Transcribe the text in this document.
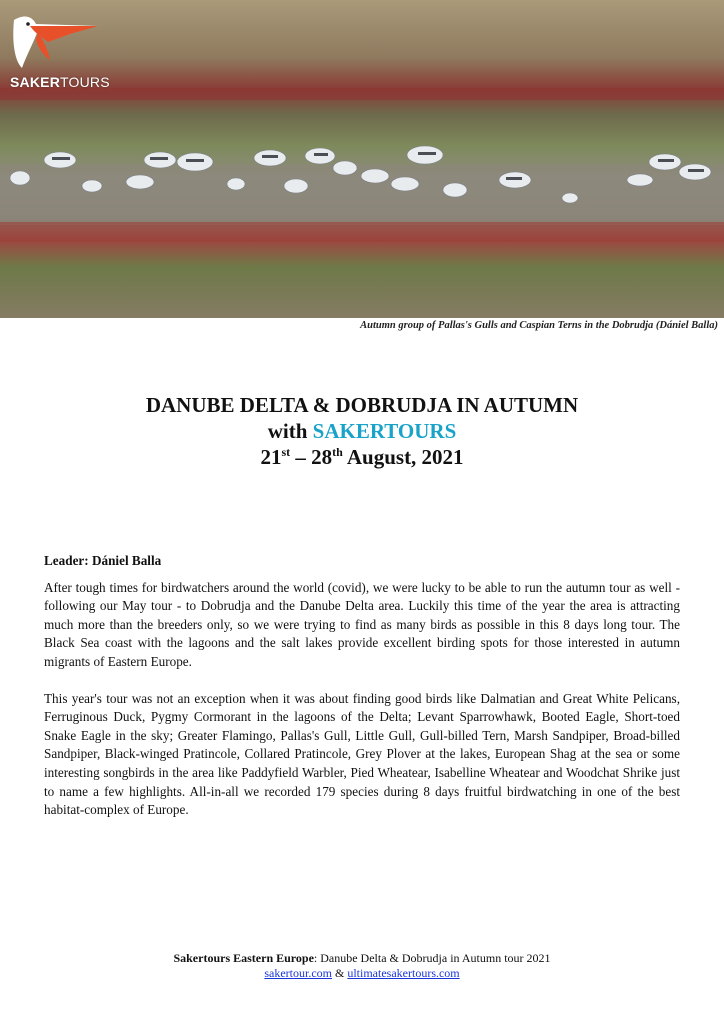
SAKERTOURS
Autumn group of Pallas's Gulls and Caspian Terns in the Dobrudja (Dániel Balla)
DANUBE DELTA & DOBRUDJA IN AUTUMN
with SAKERTOURS
21st – 28th August, 2021

Leader: Dániel Balla

After tough times for birdwatchers around the world (covid), we were lucky to be able to run the autumn tour as well - following our May tour - to Dobrudja and the Danube Delta area. Luckily this time of the year the area is attracting much more than the breeders only, so we were trying to find as many birds as possible in this 8 days long tour. The Black Sea coast with the lagoons and the salt lakes provide excellent birding spots for those interested in autumn migrants of Eastern Europe.

This year's tour was not an exception when it was about finding good birds like Dalmatian and Great White Pelicans, Ferruginous Duck, Pygmy Cormorant in the lagoons of the Delta; Levant Sparrowhawk, Booted Eagle, Short-toed Snake Eagle in the sky; Greater Flamingo, Pallas's Gull, Little Gull, Gull-billed Tern, Marsh Sandpiper, Broad-billed Sandpiper, Black-winged Pratincole, Collared Pratincole, Grey Plover at the lakes, European Shag at the sea or some interesting songbirds in the area like Paddyfield Warbler, Pied Wheatear, Isabelline Wheatear and Woodchat Shrike just to name a few highlights. All-in-all we recorded 179 species during 8 days fruitful birdwatching in one of the best habitat-complex of Europe.

Sakertours Eastern Europe: Danube Delta & Dobrudja in Autumn tour 2021
sakertour.com & ultimatesakertours.com
